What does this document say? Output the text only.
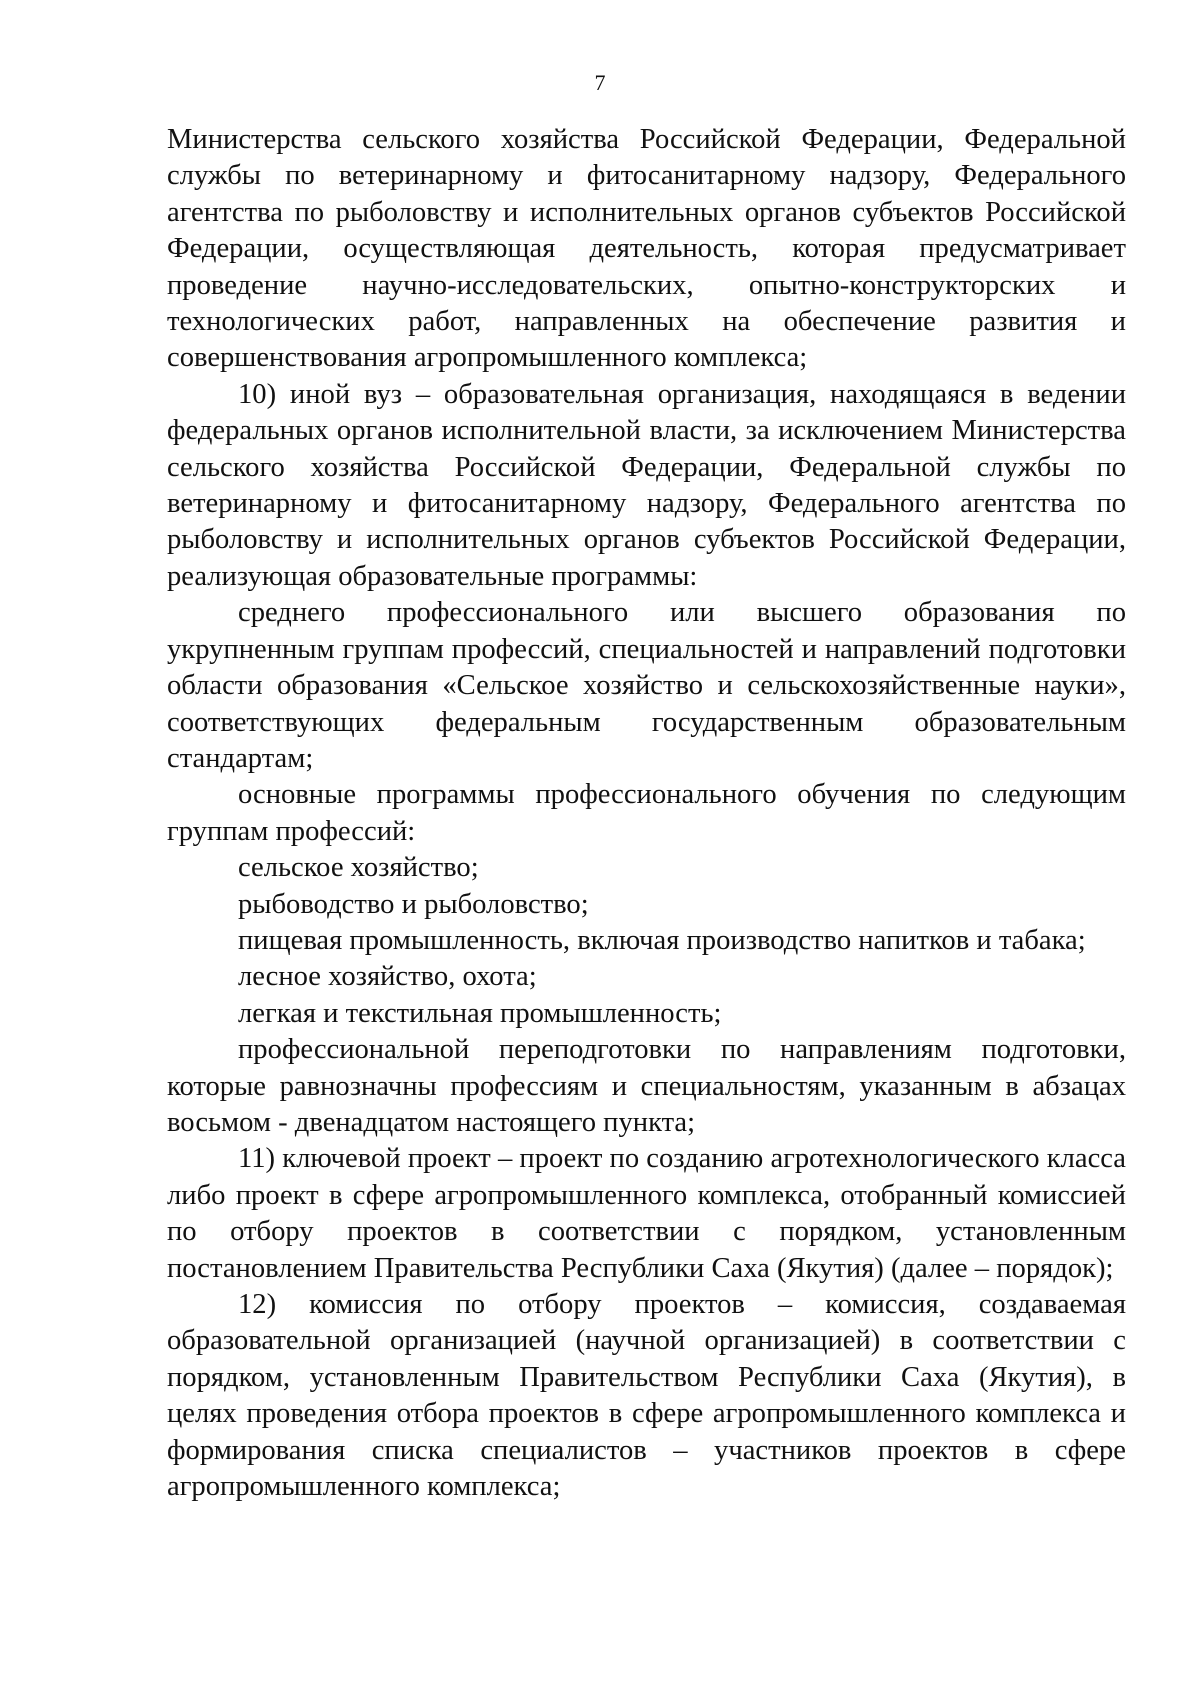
7

Министерства сельского хозяйства Российской Федерации, Федеральной службы по ветеринарному и фитосанитарному надзору, Федерального агентства по рыболовству и исполнительных органов субъектов Российской Федерации, осуществляющая деятельность, которая предусматривает проведение научно-исследовательских, опытно-конструкторских и технологических работ, направленных на обеспечение развития и совершенствования агропромышленного комплекса;

10) иной вуз – образовательная организация, находящаяся в ведении федеральных органов исполнительной власти, за исключением Министерства сельского хозяйства Российской Федерации, Федеральной службы по ветеринарному и фитосанитарному надзору, Федерального агентства по рыболовству и исполнительных органов субъектов Российской Федерации, реализующая образовательные программы:

среднего профессионального или высшего образования по укрупненным группам профессий, специальностей и направлений подготовки области образования «Сельское хозяйство и сельскохозяйственные науки», соответствующих федеральным государственным образовательным стандартам;

основные программы профессионального обучения по следующим группам профессий:

сельское хозяйство;

рыбоводство и рыболовство;

пищевая промышленность, включая производство напитков и табака;

лесное хозяйство, охота;

легкая и текстильная промышленность;

профессиональной переподготовки по направлениям подготовки, которые равнозначны профессиям и специальностям, указанным в абзацах восьмом - двенадцатом настоящего пункта;

11) ключевой проект – проект по созданию агротехнологического класса либо проект в сфере агропромышленного комплекса, отобранный комиссией по отбору проектов в соответствии с порядком, установленным постановлением Правительства Республики Саха (Якутия) (далее – порядок);

12) комиссия по отбору проектов – комиссия, создаваемая образовательной организацией (научной организацией) в соответствии с порядком, установленным Правительством Республики Саха (Якутия), в целях проведения отбора проектов в сфере агропромышленного комплекса и формирования списка специалистов – участников проектов в сфере агропромышленного комплекса;
